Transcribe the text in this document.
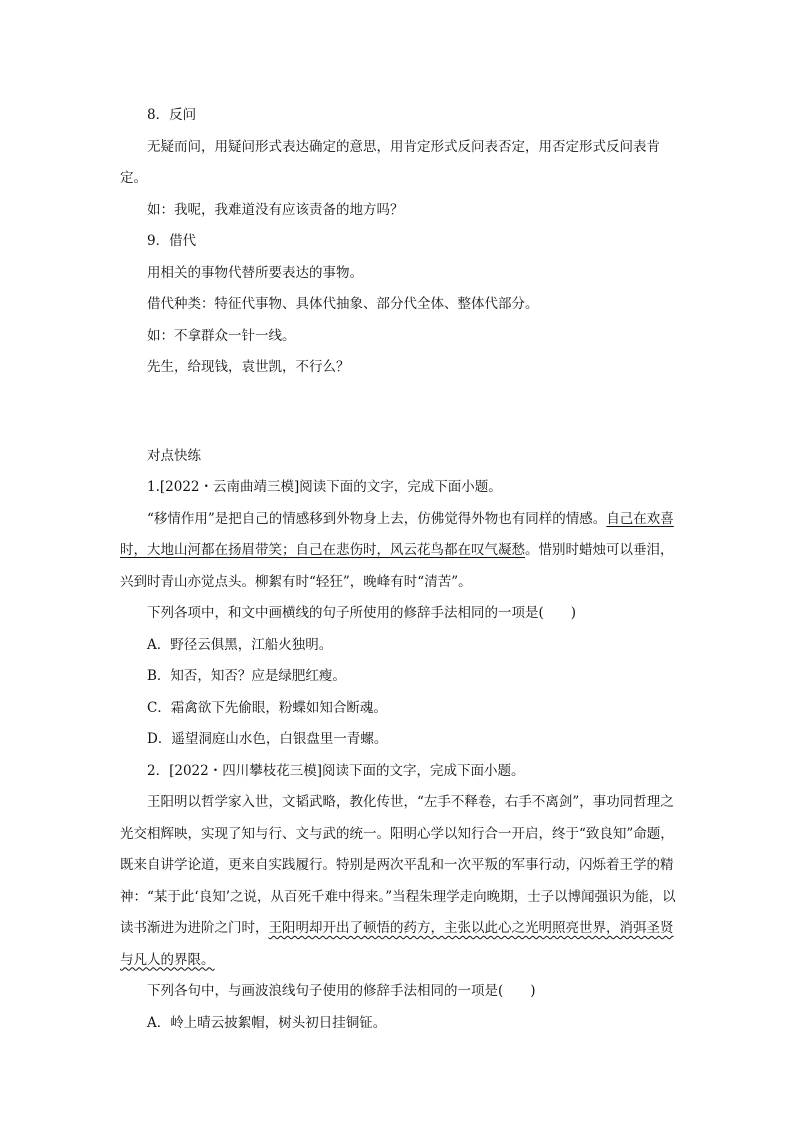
8．反问

无疑而问，用疑问形式表达确定的意思，用肯定形式反问表否定，用否定形式反问表肯

定。

如：我呢，我难道没有应该责备的地方吗？

9．借代

用相关的事物代替所要表达的事物。

借代种类：特征代事物、具体代抽象、部分代全体、整体代部分。

如：不拿群众一针一线。

先生，给现钱，袁世凯，不行么？

对点快练

1.[2022・云南曲靖三模]阅读下面的文字，完成下面小题。

“移情作用”是把自己的情感移到外物身上去，仿佛觉得外物也有同样的情感。自己在欢喜时，大地山河都在扬眉带笑；自己在悲伤时，风云花鸟都在叹气凝愁。惜别时蜡烛可以垂泪，兴到时青山亦觉点头。柳絮有时“轻狂”，晚峰有时“清苦”。

下列各项中，和文中画横线的句子所使用的修辞手法相同的一项是(　　)

A．野径云俱黑，江船火独明。

B．知否，知否？应是绿肥红瘦。

C．霜禽欲下先偷眼，粉蝶如知合断魂。

D．遥望洞庭山水色，白银盘里一青螺。

2．[2022・四川攀枝花三模]阅读下面的文字，完成下面小题。

王阳明以哲学家入世，文韬武略，教化传世，“左手不释卷，右手不离剑”，事功同哲理之光交相辉映，实现了知与行、文与武的统一。阳明心学以知行合一开启，终于“致良知”命题，既来自讲学论道，更来自实践履行。特别是两次平乱和一次平叛的军事行动，闪烁着王学的精神：“某于此‘良知’之说，从百死千难中得来。”当程朱理学走向晚期，士子以博闻强识为能，以读书渐进为进阶之门时，王阳明却开出了顿悟的药方，主张以此心之光明照亮世界，消弭圣贤与凡人的界限。

下列各句中，与画波浪线句子使用的修辞手法相同的一项是(　　)

A．岭上晴云披絮帽，树头初日挂铜钲。
